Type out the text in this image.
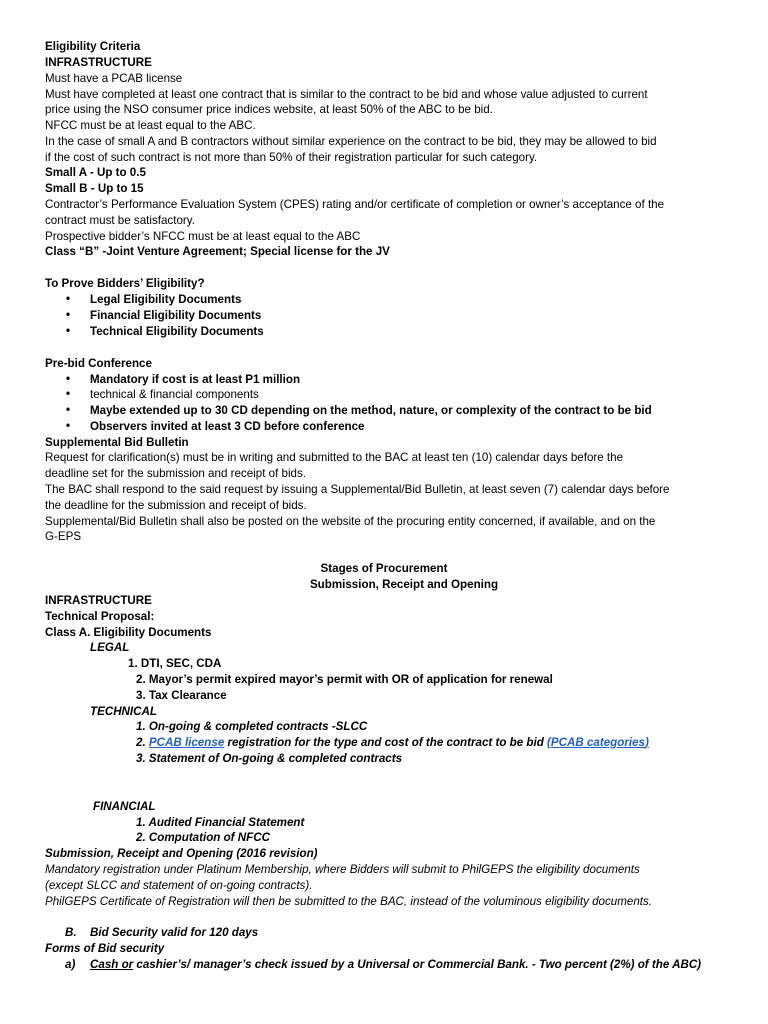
Eligibility Criteria
INFRASTRUCTURE
Must have a PCAB license
Must have completed at least one contract that is similar to the contract to be bid and whose value adjusted to current
price using the NSO consumer price indices website, at least 50% of the ABC to be bid.
NFCC must be at least equal to the ABC.
In the case of small A and B contractors without similar experience on the contract to be bid, they may be allowed to bid
if the cost of such contract is not more than 50% of their registration particular for such category.
Small A - Up to 0.5
Small B - Up to 15
Contractor’s Performance Evaluation System (CPES) rating and/or certificate of completion or owner’s acceptance of the
contract must be satisfactory.
Prospective bidder’s NFCC must be at least equal to the ABC
Class “B” -Joint Venture Agreement; Special license for the JV
To Prove Bidders’ Eligibility?
•	Legal Eligibility Documents
•	Financial Eligibility Documents
•	Technical Eligibility Documents
Pre-bid Conference
•	Mandatory if cost is at least P1 million
•	technical & financial components
•	Maybe extended up to 30 CD depending on the method, nature, or complexity of the contract to be bid
•	Observers invited at least 3 CD before conference
Supplemental Bid Bulletin
Request for clarification(s) must be in writing and submitted to the BAC at least ten (10) calendar days before the
deadline set for the submission and receipt of bids.
The BAC shall respond to the said request by issuing a Supplemental/Bid Bulletin, at least seven (7) calendar days before
the deadline for the submission and receipt of bids.
Supplemental/Bid Bulletin shall also be posted on the website of the procuring entity concerned, if available, and on the
G-EPS
Stages of Procurement
Submission, Receipt and Opening
INFRASTRUCTURE
Technical Proposal:
Class A. Eligibility Documents
LEGAL
1. DTI, SEC, CDA
2. Mayor’s permit expired mayor’s permit with OR of application for renewal
3. Tax Clearance
TECHNICAL
1. On-going & completed contracts -SLCC
2. PCAB license registration for the type and cost of the contract to be bid (PCAB categories)
3. Statement of On-going & completed contracts
FINANCIAL
1. Audited Financial Statement
2. Computation of NFCC
Submission, Receipt and Opening (2016 revision)
Mandatory registration under Platinum Membership, where Bidders will submit to PhilGEPS the eligibility documents
(except SLCC and statement of on-going contracts).
PhilGEPS Certificate of Registration will then be submitted to the BAC, instead of the voluminous eligibility documents.
B. Bid Security valid for 120 days
Forms of Bid security
a) Cash or cashier’s/ manager’s check issued by a Universal or Commercial Bank. - Two percent (2%) of the ABC)
